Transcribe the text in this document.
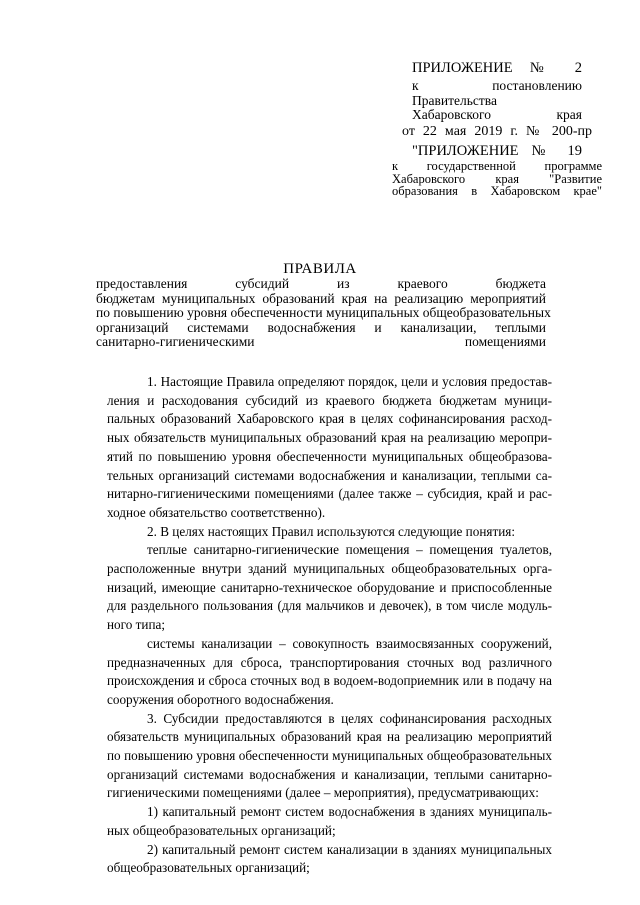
ПРИЛОЖЕНИЕ № 2
к постановлению
Правительства
Хабаровского края
от 22 мая 2019 г. № 200-пр
"ПРИЛОЖЕНИЕ № 19
к государственной программе
Хабаровского края "Развитие
образования в Хабаровском крае"
ПРАВИЛА
предоставления субсидий из краевого бюджета
бюджетам муниципальных образований края на реализацию мероприятий
по повышению уровня обеспеченности муниципальных общеобразовательных
организаций системами водоснабжения и канализации, теплыми
санитарно-гигиеническими помещениями

1. Настоящие Правила определяют порядок, цели и условия предостав-
ления и расходования субсидий из краевого бюджета бюджетам муници-
пальных образований Хабаровского края в целях софинансирования расход-
ных обязательств муниципальных образований края на реализацию меропри-
ятий по повышению уровня обеспеченности муниципальных общеобразова-
тельных организаций системами водоснабжения и канализации, теплыми са-
нитарно-гигиеническими помещениями (далее также – субсидия, край и рас-
ходное обязательство соответственно).

2. В целях настоящих Правил используются следующие понятия:

теплые санитарно-гигиенические помещения – помещения туалетов,
расположенные внутри зданий муниципальных общеобразовательных орга-
низаций, имеющие санитарно-техническое оборудование и приспособленные
для раздельного пользования (для мальчиков и девочек), в том числе модуль-
ного типа;

системы канализации – совокупность взаимосвязанных сооружений,
предназначенных для сброса, транспортирования сточных вод различного
происхождения и сброса сточных вод в водоем-водоприемник или в подачу на
сооружения оборотного водоснабжения.

3. Субсидии предоставляются в целях софинансирования расходных
обязательств муниципальных образований края на реализацию мероприятий
по повышению уровня обеспеченности муниципальных общеобразовательных
организаций системами водоснабжения и канализации, теплыми санитарно-
гигиеническими помещениями (далее – мероприятия), предусматривающих:

1) капитальный ремонт систем водоснабжения в зданиях муниципаль-
ных общеобразовательных организаций;

2) капитальный ремонт систем канализации в зданиях муниципальных
общеобразовательных организаций;
